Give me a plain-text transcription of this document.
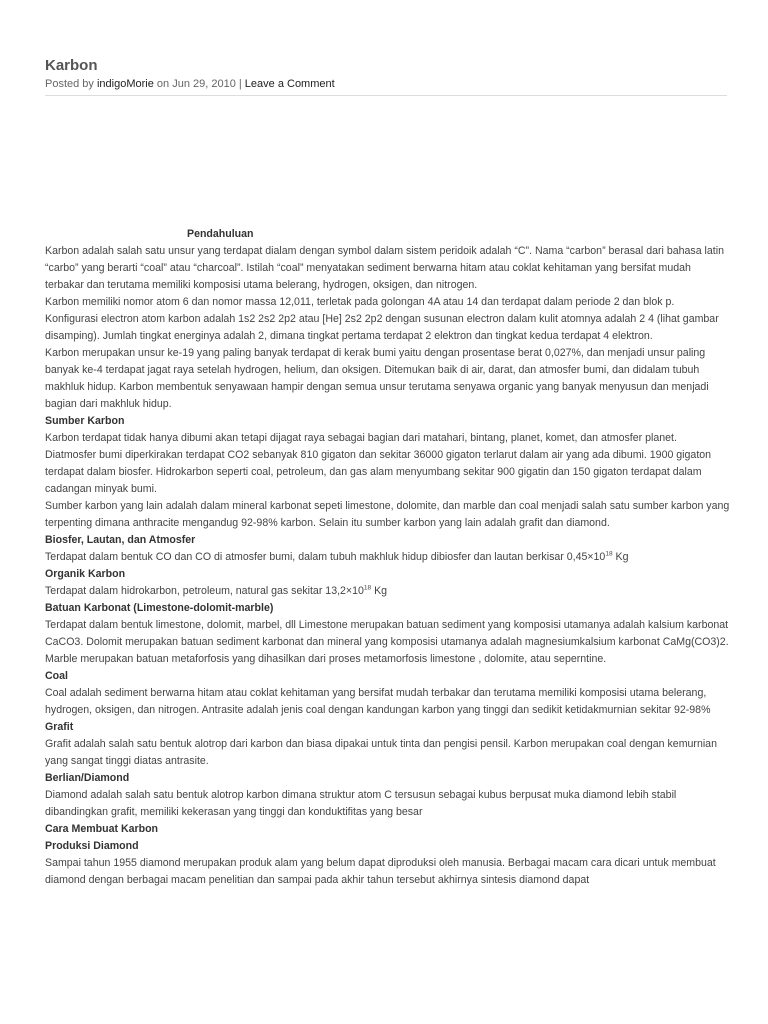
Karbon
Posted by indigoMorie on Jun 29, 2010 | Leave a Comment

Pendahuluan

Karbon adalah salah satu unsur yang terdapat dialam dengan symbol dalam sistem peridoik adalah “C”. Nama “carbon” berasal dari bahasa latin “carbo” yang berarti “coal” atau “charcoal”. Istilah “coal” menyatakan sediment berwarna hitam atau coklat kehitaman yang bersifat mudah terbakar dan terutama memiliki komposisi utama belerang, hydrogen, oksigen, dan nitrogen.

Karbon memiliki nomor atom 6 dan nomor massa 12,011, terletak pada golongan 4A atau 14 dan terdapat dalam periode 2 dan blok p. Konfigurasi electron atom karbon adalah 1s2 2s2 2p2 atau [He] 2s2 2p2 dengan susunan electron dalam kulit atomnya adalah 2 4 (lihat gambar disamping). Jumlah tingkat energinya adalah 2, dimana tingkat pertama terdapat 2 elektron dan tingkat kedua terdapat 4 elektron.

Karbon merupakan unsur ke-19 yang paling banyak terdapat di kerak bumi yaitu dengan prosentase berat 0,027%, dan menjadi unsur paling banyak ke-4 terdapat jagat raya setelah hydrogen, helium, dan oksigen. Ditemukan baik di air, darat, dan atmosfer bumi, dan didalam tubuh makhluk hidup. Karbon membentuk senyawaan hampir dengan semua unsur terutama senyawa organic yang banyak menyusun dan menjadi bagian dari makhluk hidup.

Sumber Karbon

Karbon terdapat tidak hanya dibumi akan tetapi dijagat raya sebagai bagian dari matahari, bintang, planet, komet, dan atmosfer planet. Diatmosfer bumi diperkirakan terdapat CO2 sebanyak 810 gigaton dan sekitar 36000 gigaton terlarut dalam air yang ada dibumi. 1900 gigaton terdapat dalam biosfer. Hidrokarbon seperti coal, petroleum, dan gas alam menyumbang sekitar 900 gigatin dan 150 gigaton terdapat dalam cadangan minyak bumi.

Sumber karbon yang lain adalah dalam mineral karbonat sepeti limestone, dolomite, dan marble dan coal menjadi salah satu sumber karbon yang terpenting dimana anthracite mengandug 92-98% karbon. Selain itu sumber karbon yang lain adalah grafit dan diamond.

Biosfer, Lautan, dan Atmosfer

Terdapat dalam bentuk CO dan CO di atmosfer bumi, dalam tubuh makhluk hidup dibiosfer dan lautan berkisar $0,45\times 10^{18}$ Kg

Organik Karbon

Terdapat dalam hidrokarbon, petroleum, natural gas sekitar $13,2\times 10^{18}$ Kg

Batuan Karbonat (Limestone-dolomit-marble)

Terdapat dalam bentuk limestone, dolomit, marbel, dll Limestone merupakan batuan sediment yang komposisi utamanya adalah kalsium karbonat CaCO3. Dolomit merupakan batuan sediment karbonat dan mineral yang komposisi utamanya adalah magnesiumkalsium karbonat CaMg(CO3)2. Marble merupakan batuan metaforfosis yang dihasilkan dari proses metamorfosis limestone , dolomite, atau seperntine.

Coal

Coal adalah sediment berwarna hitam atau coklat kehitaman yang bersifat mudah terbakar dan terutama memiliki komposisi utama belerang, hydrogen, oksigen, dan nitrogen. Antrasite adalah jenis coal dengan kandungan karbon yang tinggi dan sedikit ketidakmurnian sekitar 92-98%

Grafit

Grafit adalah salah satu bentuk alotrop dari karbon dan biasa dipakai untuk tinta dan pengisi pensil. Karbon merupakan coal dengan kemurnian yang sangat tinggi diatas antrasite.

Berlian/Diamond

Diamond adalah salah satu bentuk alotrop karbon dimana struktur atom C tersusun sebagai kubus berpusat muka diamond lebih stabil dibandingkan grafit, memiliki kekerasan yang tinggi dan konduktifitas yang besar

Cara Membuat Karbon

Produksi Diamond

Sampai tahun 1955 diamond merupakan produk alam yang belum dapat diproduksi oleh manusia. Berbagai macam cara dicari untuk membuat diamond dengan berbagai macam penelitian dan sampai pada akhir tahun tersebut akhirnya sintesis diamond dapat
